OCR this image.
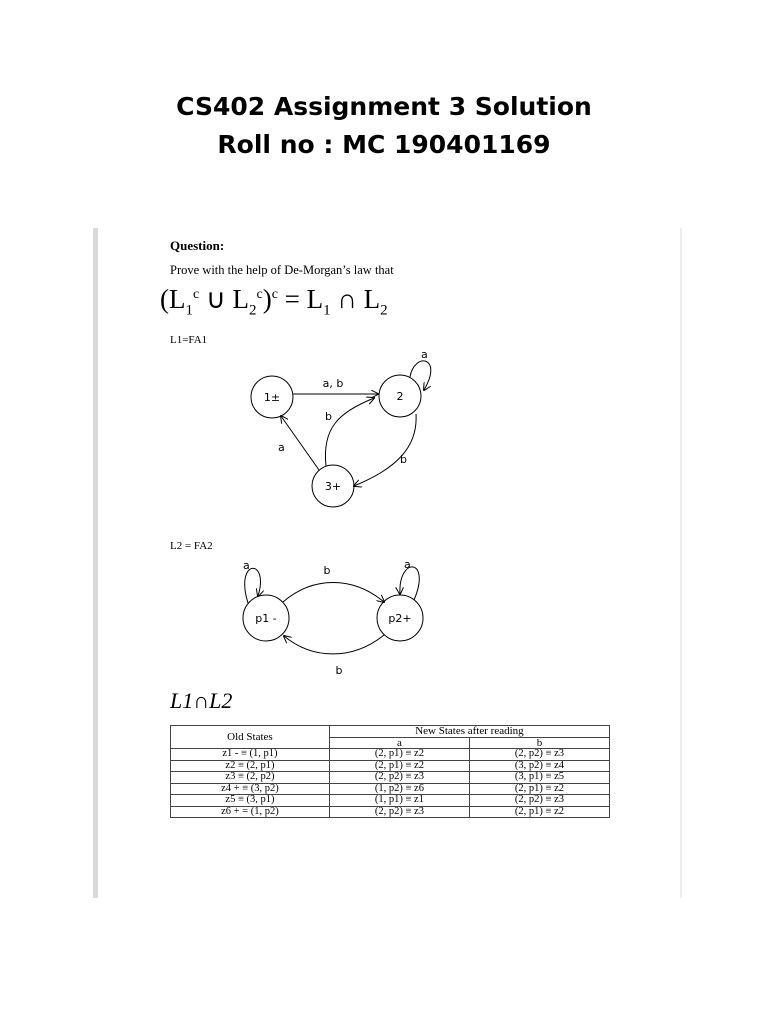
CS402 Assignment 3 Solution
Roll no : MC 190401169
Question:
Prove with the help of De-Morgan’s law that
($L_1^c$ ∪ $L_2^c)^c = L_1$ ∩ $L_2$
L1=FA1
1±	2
3+
a, b
a
b
b
a
p1 -	p2+
a	b	a
b
L2 = FA2
L1∩L2
Old States	New States after reading	
	a	b
z1 - ≡ (1, p1)	(2, p1) ≡ z2	(2, p2) ≡ z3
z2 ≡ (2, p1)	(2, p1) ≡ z2	(3, p2) ≡ z4
z3 ≡ (2, p2)	(2, p2) ≡ z3	(3, p1) ≡ z5
z4 + ≡ (3, p2)	(1, p2) ≡ z6	(2, p1) ≡ z2
z5 ≡ (3, p1)	(1, p1) ≡ z1	(2, p2) ≡ z3
z6 + = (1, p2)	(2, p2) ≡ z3	(2, p1) ≡ z2
